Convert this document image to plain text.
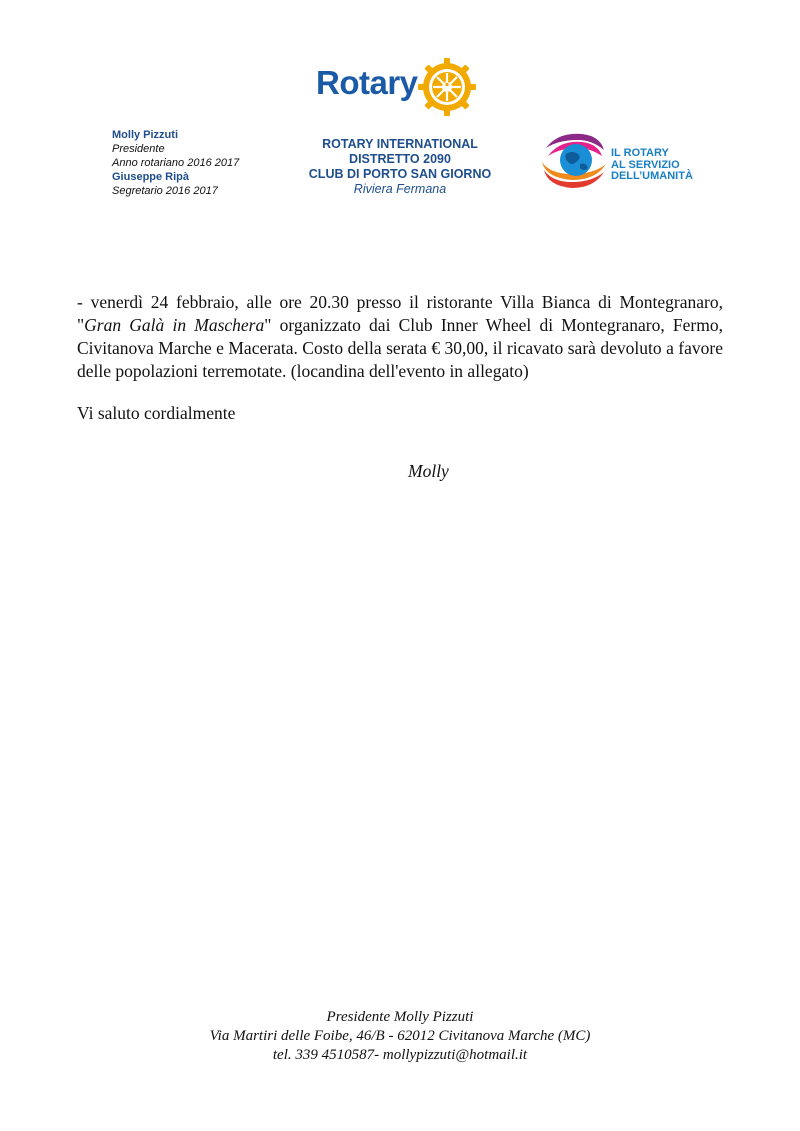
Rotary
Molly Pizzuti
Presidente
Anno rotariano 2016 2017
Giuseppe Ripà
Segretario 2016 2017
ROTARY INTERNATIONAL
DISTRETTO 2090
CLUB DI PORTO SAN GIORNO
Riviera Fermana
IL ROTARY
AL SERVIZIO
DELL’UMANITÀ
- venerdì 24 febbraio, alle ore 20.30 presso il ristorante Villa Bianca di Montegranaro, "Gran Galà in Maschera" organizzato dai Club Inner Wheel di Montegranaro, Fermo, Civitanova Marche e Macerata. Costo della serata € 30,00, il ricavato sarà devoluto a favore delle popolazioni terremotate. (locandina dell'evento in allegato)
Vi saluto cordialmente
Molly
Presidente Molly Pizzuti
Via Martiri delle Foibe, 46/B - 62012 Civitanova Marche (MC)
tel. 339 4510587- mollypizzuti@hotmail.it
